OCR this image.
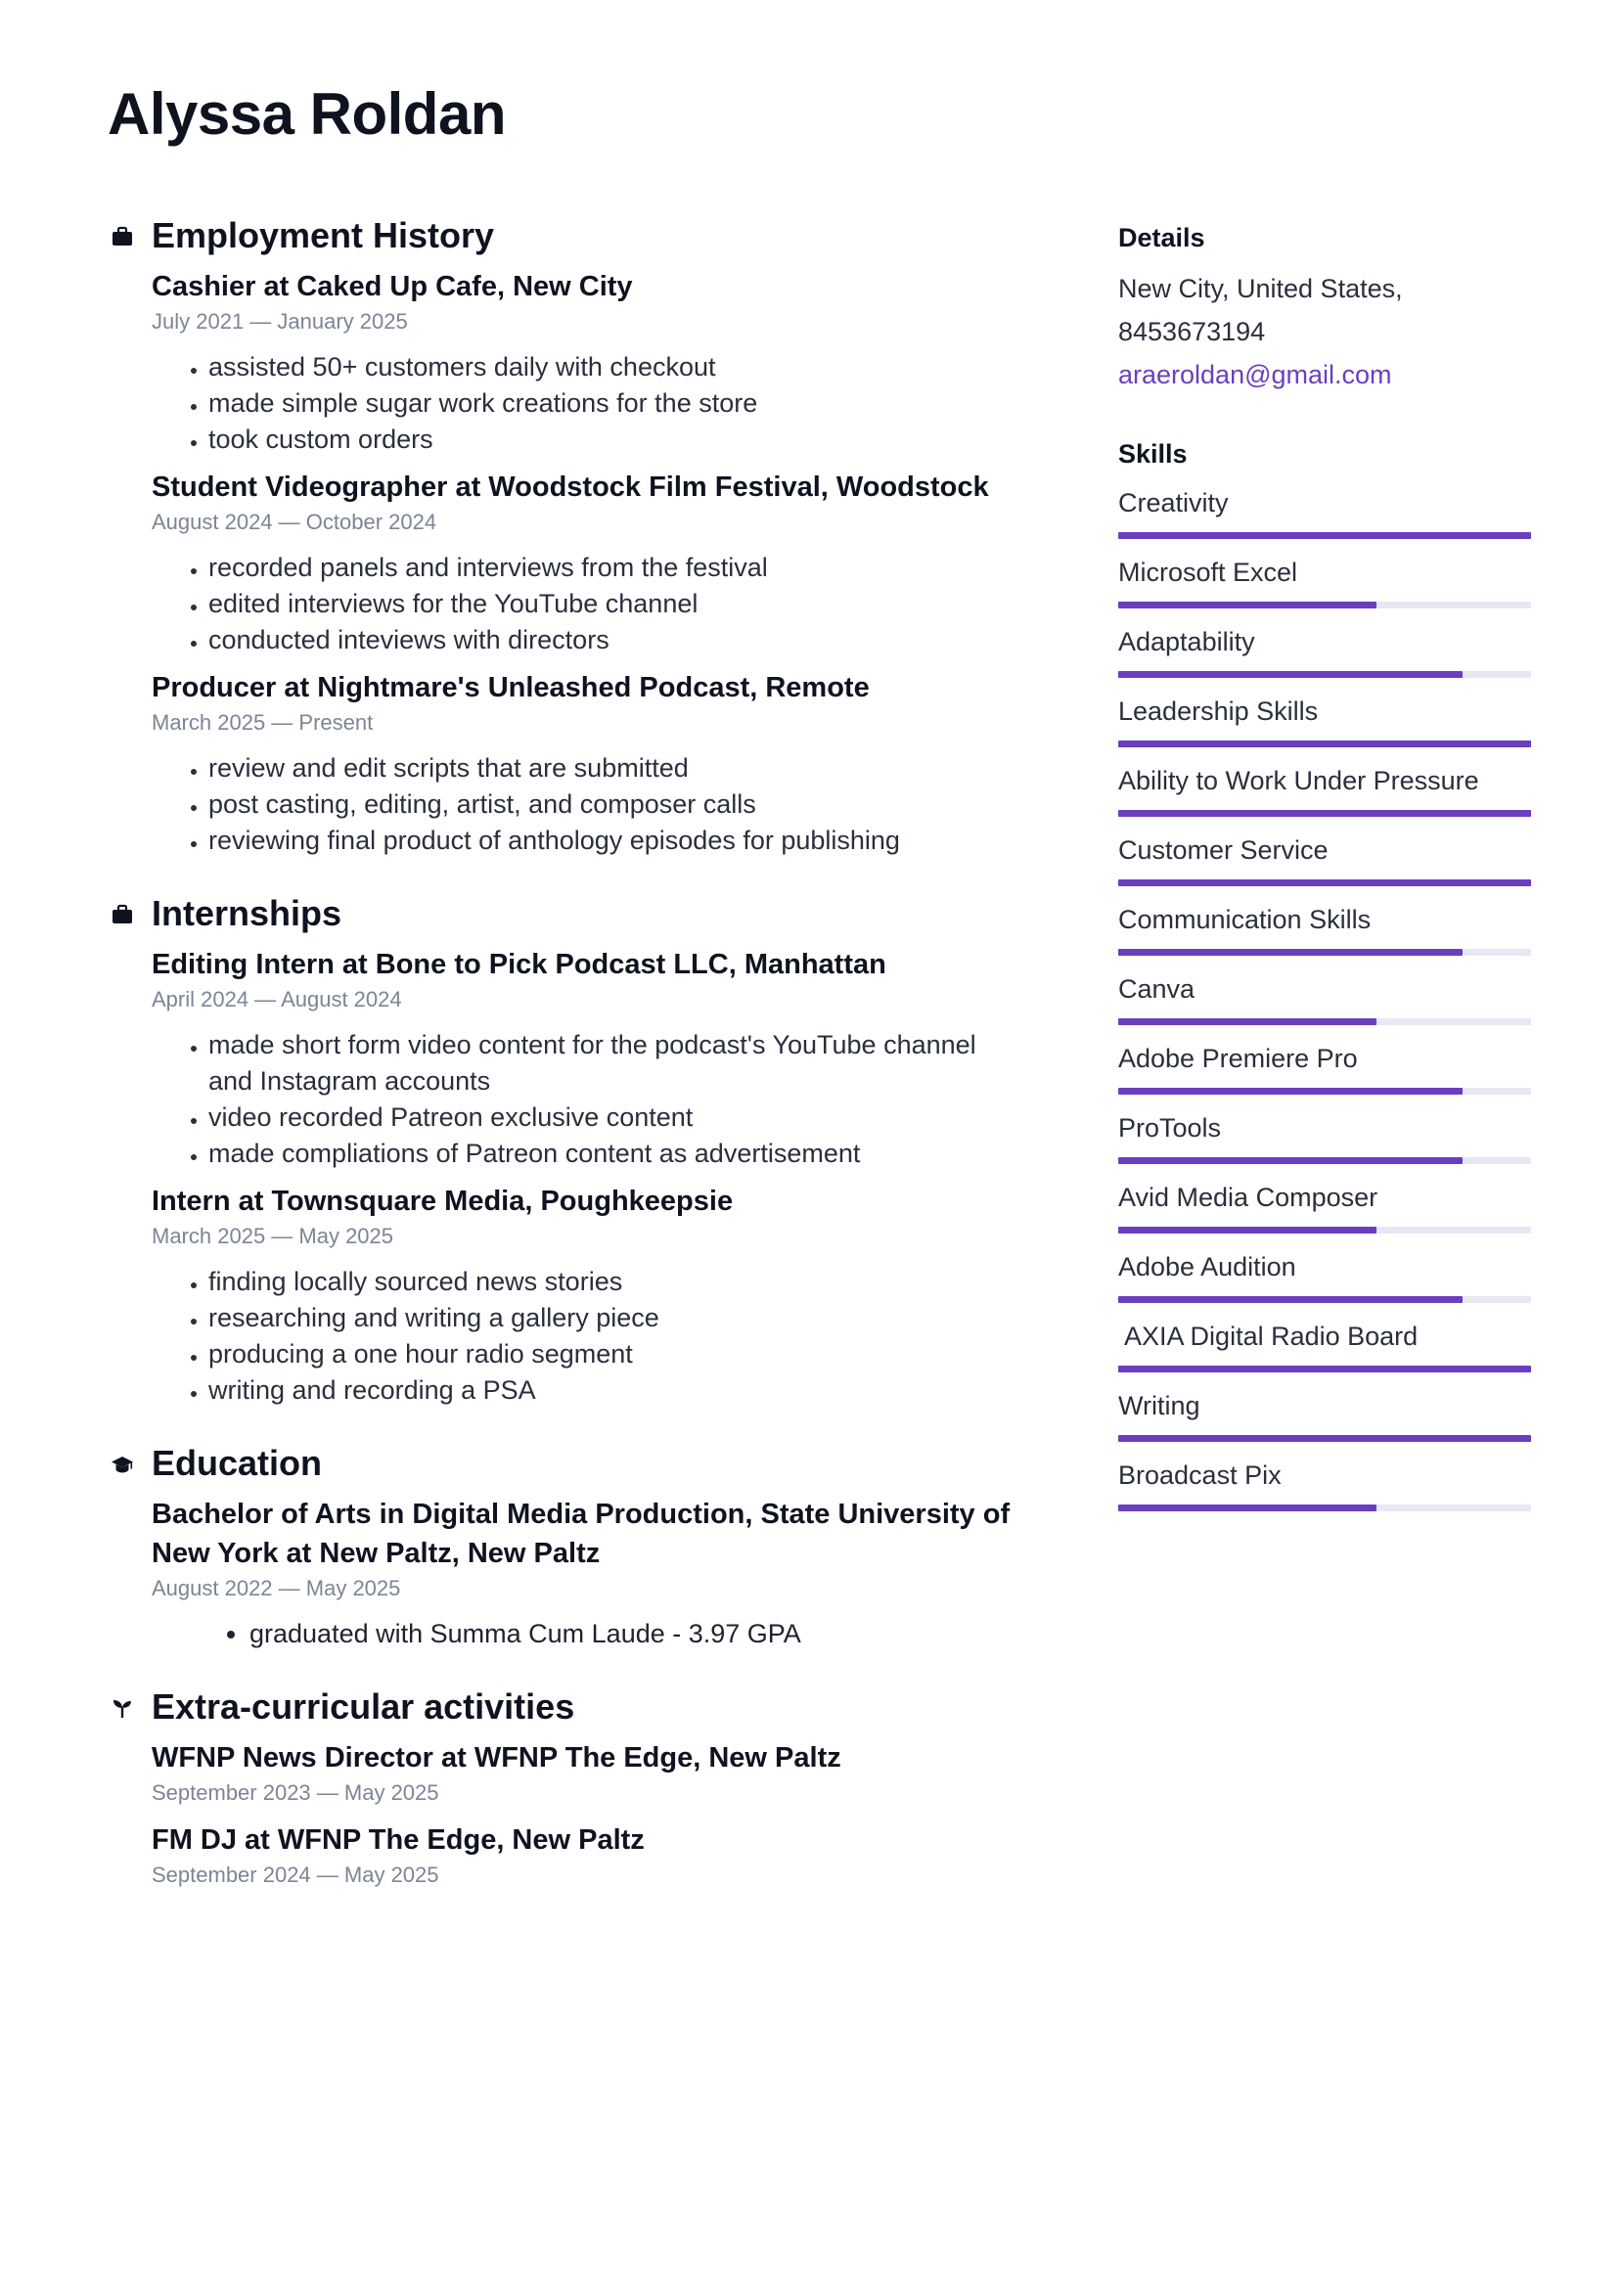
Alyssa Roldan
Employment History
Cashier at Caked Up Cafe, New City
July 2021 — January 2025
• assisted 50+ customers daily with checkout
• made simple sugar work creations for the store
• took custom orders
Student Videographer at Woodstock Film Festival, Woodstock
August 2024 — October 2024
• recorded panels and interviews from the festival
• edited interviews for the YouTube channel
• conducted inteviews with directors
Producer at Nightmare's Unleashed Podcast, Remote
March 2025 — Present
• review and edit scripts that are submitted
• post casting, editing, artist, and composer calls
• reviewing final product of anthology episodes for publishing
Internships
Editing Intern at Bone to Pick Podcast LLC, Manhattan
April 2024 — August 2024
• made short form video content for the podcast's YouTube channel and Instagram accounts
• video recorded Patreon exclusive content
• made compliations of Patreon content as advertisement
Intern at Townsquare Media, Poughkeepsie
March 2025 — May 2025
• finding locally sourced news stories
• researching and writing a gallery piece
• producing a one hour radio segment
• writing and recording a PSA
Education
Bachelor of Arts in Digital Media Production, State University of New York at New Paltz, New Paltz
August 2022 — May 2025
• graduated with Summa Cum Laude - 3.97 GPA
Extra-curricular activities
WFNP News Director at WFNP The Edge, New Paltz
September 2023 — May 2025
FM DJ at WFNP The Edge, New Paltz
September 2024 — May 2025
Details
New City, United States,
8453673194
araeroldan@gmail.com
Skills
Creativity
Microsoft Excel
Adaptability
Leadership Skills
Ability to Work Under Pressure
Customer Service
Communication Skills
Canva
Adobe Premiere Pro
ProTools
Avid Media Composer
Adobe Audition
AXIA Digital Radio Board
Writing
Broadcast Pix
